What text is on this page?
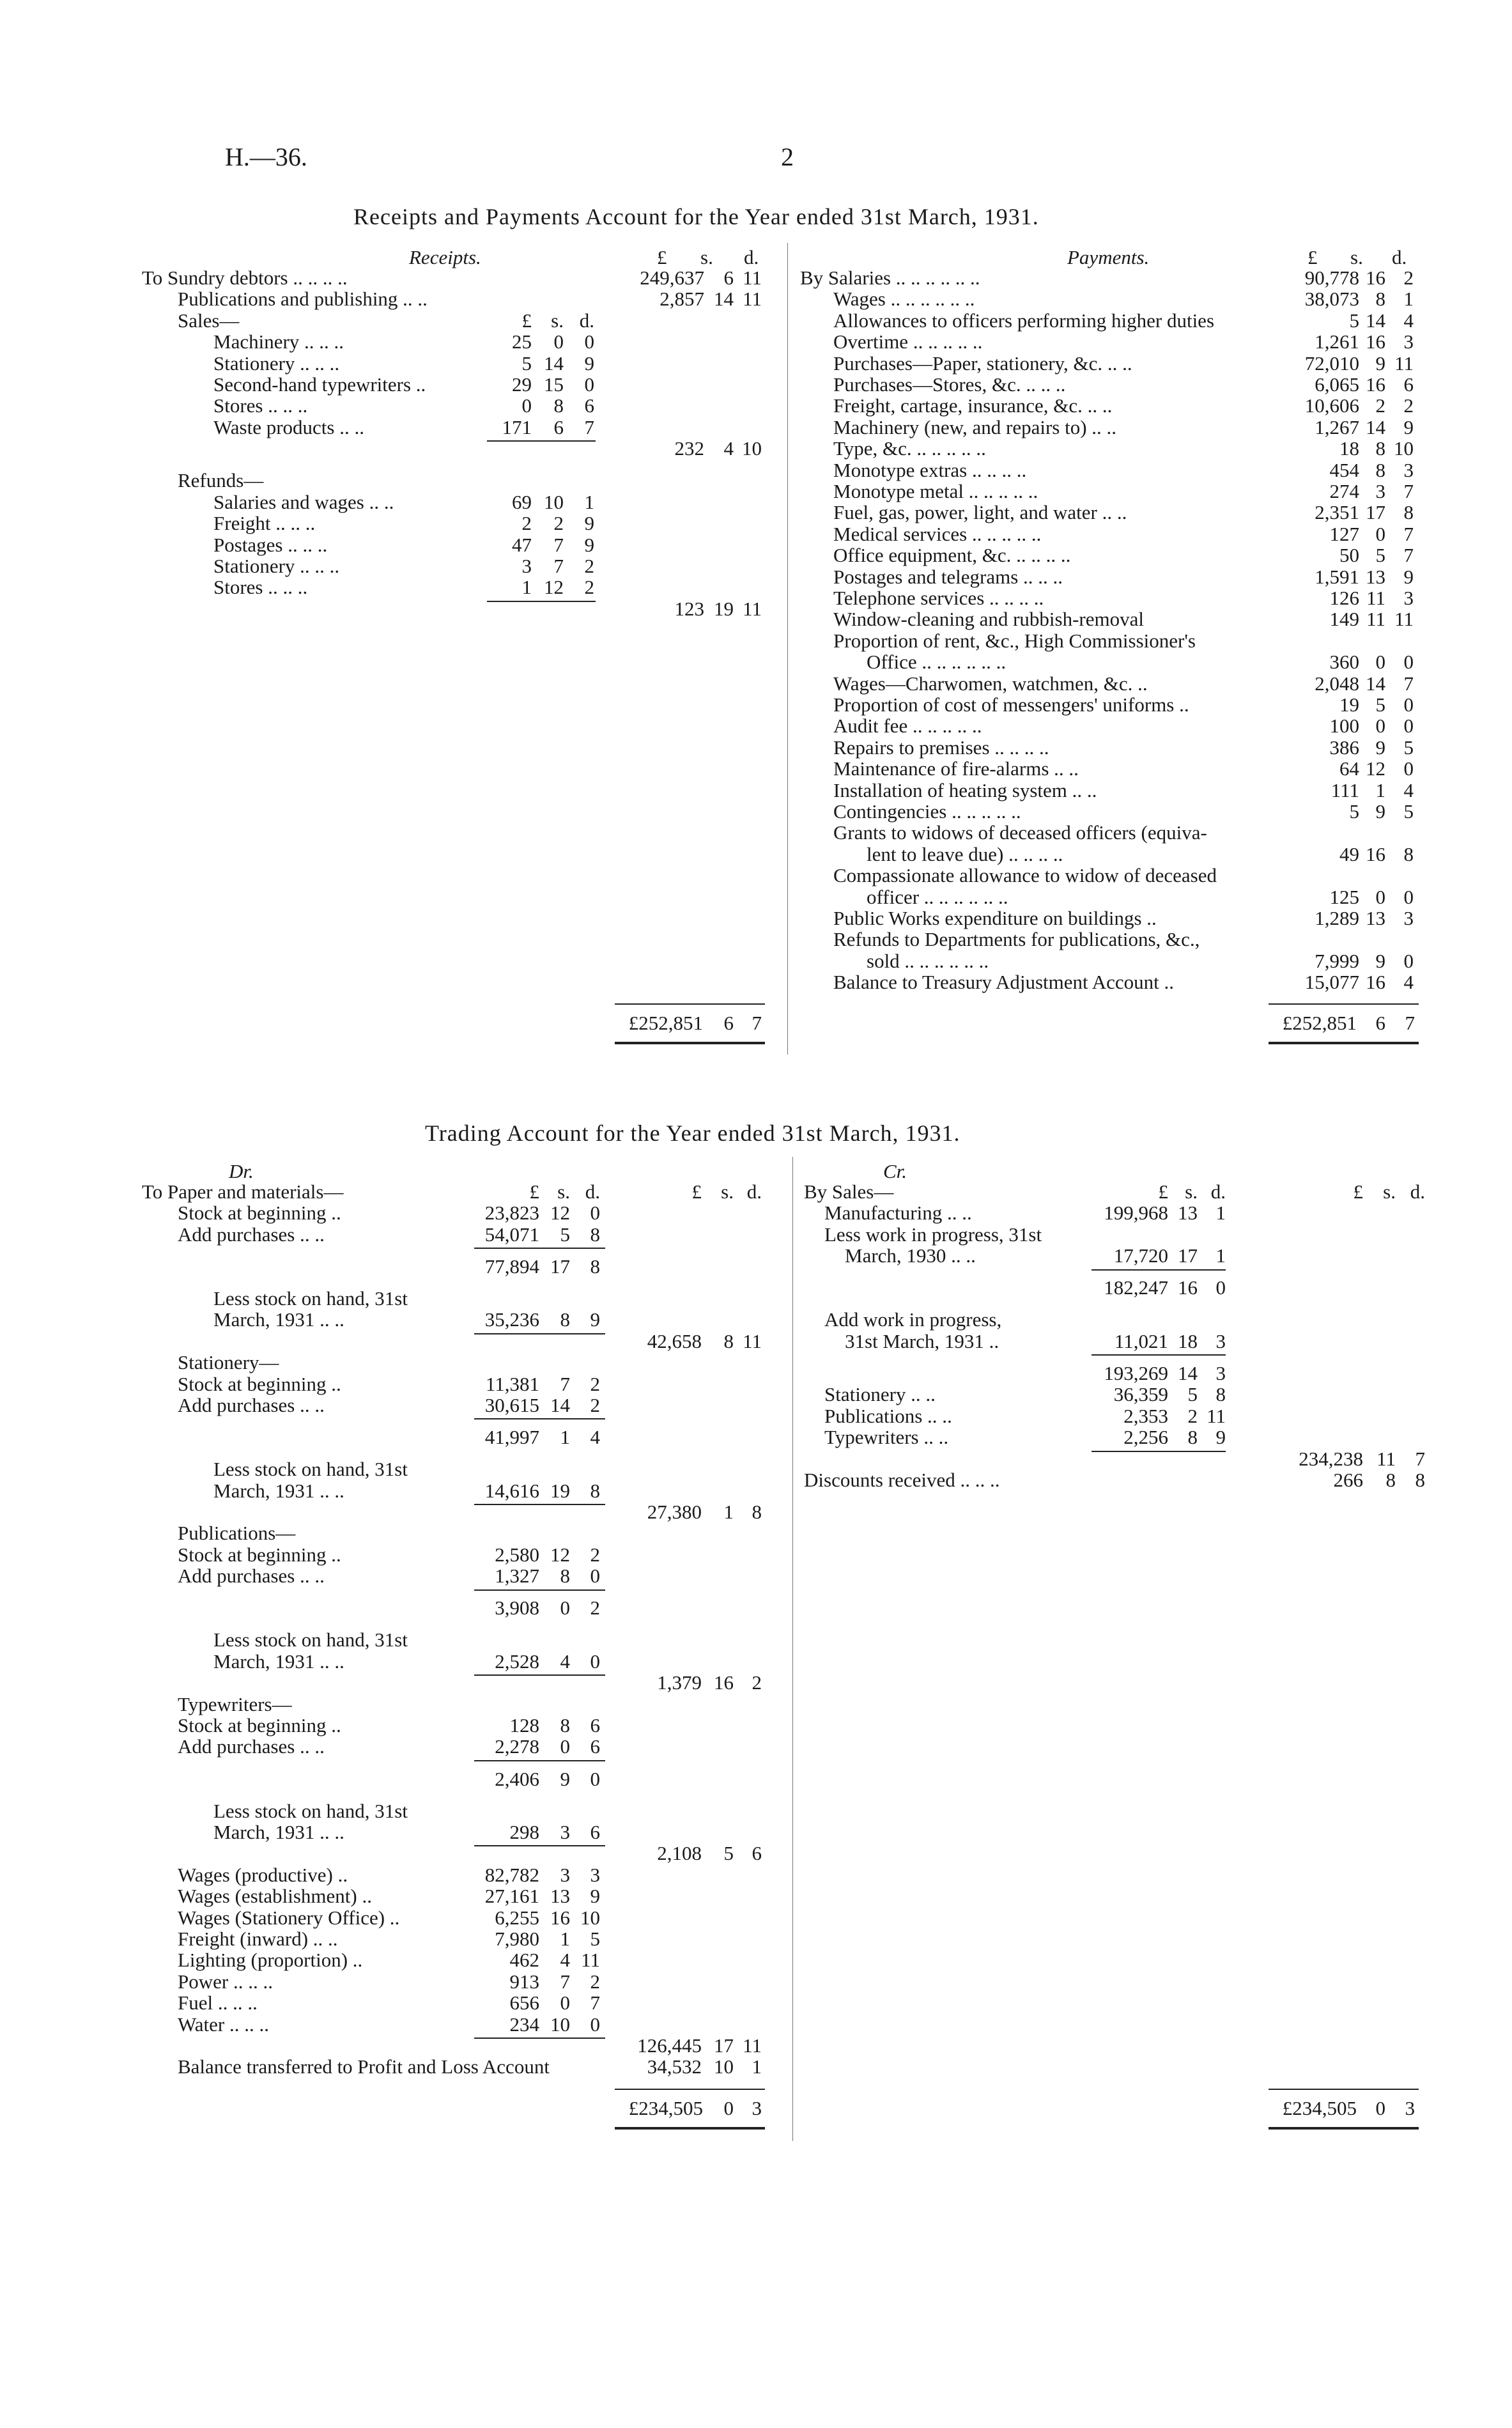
H.—36.	2
Receipts and Payments Account for the Year ended 31st March, 1931.
Receipts.	£ s. d.	Payments.	£ s. d.
To Sundry debtors .. .. .. ..	249,637 6 11
Publications and publishing .. ..	2,857 14 11
Sales—	£ s. d.
Machinery .. .. ..	25	0	0
Stationery .. .. ..	5 14	9
Second-hand typewriters ..	29 15	0
Stores .. .. ..	0	8	6
Waste products .. ..	171	6	7
232 4 10
Refunds—
Salaries and wages .. ..	69 10	1
Freight .. .. ..	2	2	9
Postages .. .. ..	47	7	9
Stationery .. .. ..	3	7	2
Stores .. .. ..	1 12	2
123 19 11
By Salaries .. .. .. .. .. ..	90,778 16 2
Wages .. .. .. .. .. ..	38,073 8 1
Allowances to officers performing higher duties	5 14 4
Overtime .. .. .. .. ..	1,261 16 3
Purchases—Paper, stationery, &c. .. ..	72,010 9 11
Purchases—Stores, &c. .. .. ..	6,065 16 6
Freight, cartage, insurance, &c. .. ..	10,606 2 2
Machinery (new, and repairs to) .. ..	1,267 14 9
Type, &c. .. .. .. .. ..	18 8 10
Monotype extras .. .. .. ..	454 8 3
Monotype metal .. .. .. .. ..	274 3 7
Fuel, gas, power, light, and water .. ..	2,351 17 8
Medical services .. .. .. .. ..	127 0 7
Office equipment, &c. .. .. .. ..	50 5 7
Postages and telegrams .. .. ..	1,591 13 9
Telephone services .. .. .. ..	126 11 3
Window-cleaning and rubbish-removal	149 11 11
Proportion of rent, &c., High Commissioner's
Office .. .. .. .. .. ..	360 0 0
Wages—Charwomen, watchmen, &c. ..	2,048 14 7
Proportion of cost of messengers' uniforms ..	19 5 0
Audit fee .. .. .. .. ..	100 0 0
Repairs to premises .. .. .. ..	386 9 5
Maintenance of fire-alarms .. ..	64 12 0
Installation of heating system .. ..	111 1 4
Contingencies .. .. .. .. ..	5 9 5
Grants to widows of deceased officers (equiva-
lent to leave due) .. .. .. ..	49 16 8
Compassionate allowance to widow of deceased
officer .. .. .. .. .. ..	125 0 0
Public Works expenditure on buildings ..	1,289 13 3
Refunds to Departments for publications, &c.,
sold .. .. .. .. .. ..	7,999 9 0
Balance to Treasury Adjustment Account ..	15,077 16 4
£252,851	6 7	£252,851 6 7
Trading Account for the Year ended 31st March, 1931.
Dr.	Cr.
To Paper and materials—	£ s. d.	£ s. d.
Stock at beginning ..	23,823 12	0
Add purchases .. ..	54,071	5	8
77,894 17	8
Less stock on hand, 31st
March, 1931 .. ..	35,236	8	9
42,658	8 11
Stationery—
Stock at beginning ..	11,381	7	2
Add purchases .. ..	30,615 14	2
41,997	1	4
Less stock on hand, 31st
March, 1931 .. ..	14,616 19	8
27,380	1 8
Publications—
Stock at beginning ..	2,580 12	2
Add purchases .. ..	1,327	8	0
3,908	0	2
Less stock on hand, 31st
March, 1931 .. ..	2,528	4	0
1,379 16 2
Typewriters—
Stock at beginning ..	128	8	6
Add purchases .. ..	2,278	0	6
2,406	9	0
Less stock on hand, 31st
March, 1931 .. ..	298	3	6
2,108	5 6
Wages (productive) ..	82,782	3	3
Wages (establishment) ..	27,161 13	9
Wages (Stationery Office) ..	6,255 16 10
Freight (inward) .. ..	7,980	1	5
Lighting (proportion) ..	462	4 11
Power .. .. ..	913	7	2
Fuel .. .. ..	656	0	7
Water .. .. ..	234 10	0
126,445 17 11
Balance transferred to Profit and Loss Account	34,532 10 1
By Sales—	£ s. d.	£	s. d.
Manufacturing .. ..	199,968 13 1
Less work in progress, 31st
March, 1930 .. ..	17,720 17 1
182,247 16 0
Add work in progress,
31st March, 1931 ..	11,021 18 3
193,269 14 3
Stationery .. ..	36,359 5 8
Publications .. ..	2,353 2 11
Typewriters .. ..	2,256 8 9
234,238 11 7
Discounts received .. .. ..	266	8 8
£234,505	0 3	£234,505 0 3
